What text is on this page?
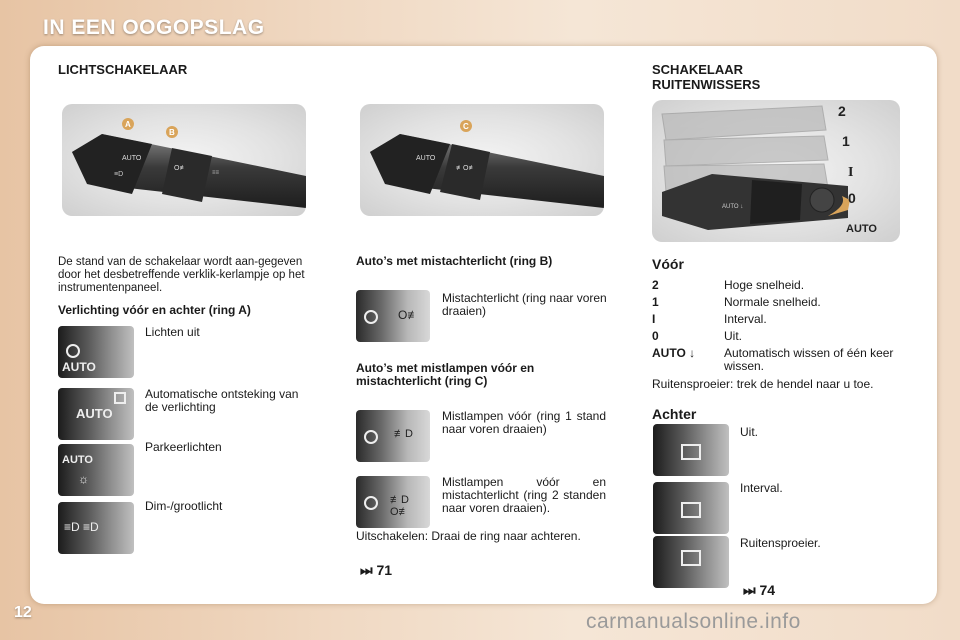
IN EEN OOGOPSLAG
LICHTSCHAKELAAR
AUTO
≡D
O≢
≡≡
A
B
AUTO
≢O≢
C
De stand van de schakelaar wordt aan-gegeven door het desbetreffende verklik-kerlampje op het instrumentenpaneel.
Verlichting vóór en achter (ring A)
AUTO
Lichten uit
AUTO
Automatische ontsteking van de verlichting
AUTO
☼
Parkeerlichten
≡D ≡D
Dim-/grootlicht
Auto’s met mistachterlicht (ring B)
O≢
Mistachterlicht (ring naar voren draaien)
Auto’s met mistlampen vóór en mistachterlicht (ring C)
≢D
Mistlampen vóór (ring 1 stand naar voren draaien)
≢D O≢
Mistlampen vóór en mistachterlicht (ring 2 standen naar voren draaien).
Uitschakelen: Draai de ring naar achteren.
⏭ 71
SCHAKELAAR
RUITENWISSERS
AUTO ↓
2
1
I
0
AUTO
Vóór
2	Hoge snelheid.
1	Normale snelheid.
I	Interval.
0	Uit.
AUTO ↓	Automatisch wissen of één keer wissen.
Ruitensproeier: trek de hendel naar u toe.
Achter
Uit.
Interval.
Ruitensproeier.
⏭ 74
12	carmanualsonline.info
